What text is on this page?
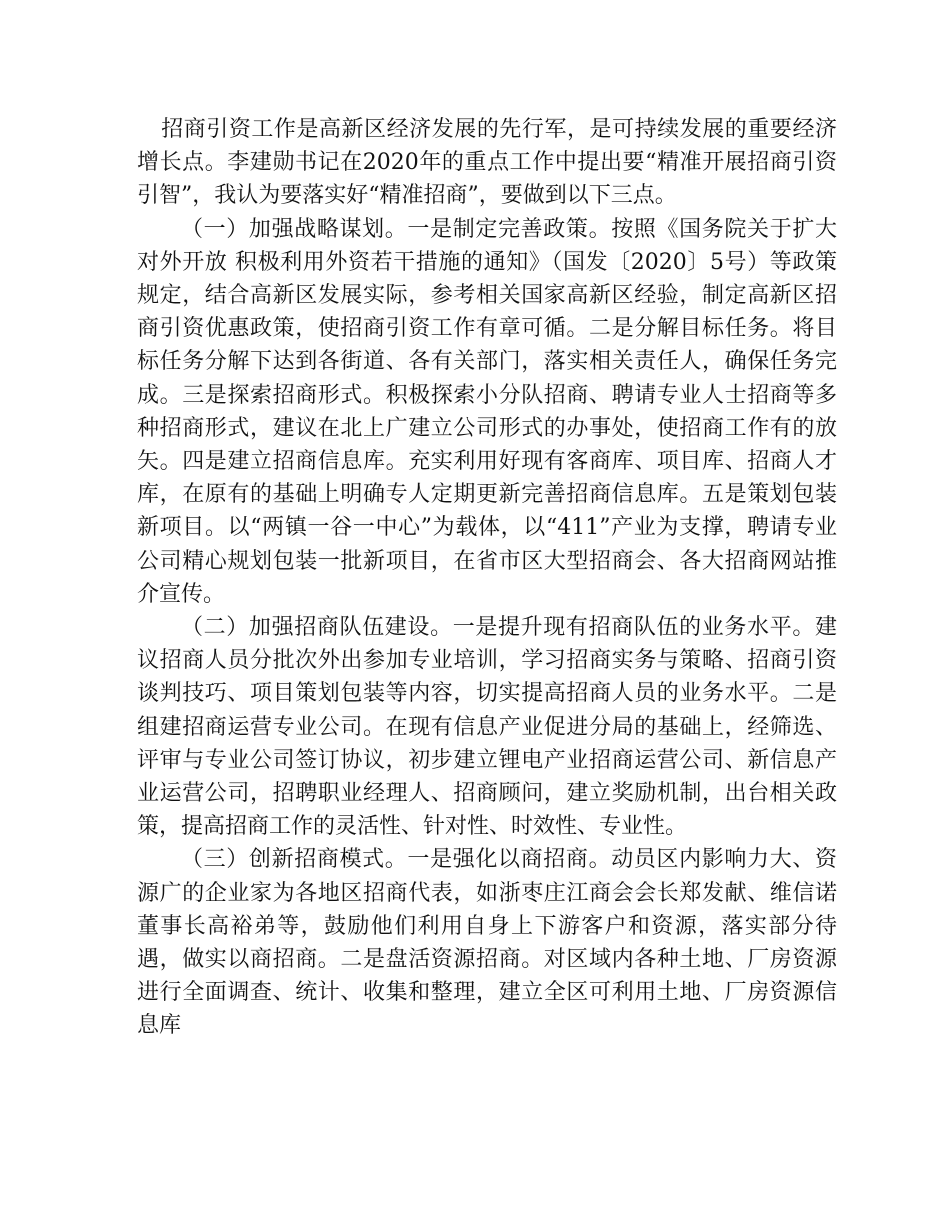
招商引资工作是高新区经济发展的先行军，是可持续发展的重要经济增长点。李建勋书记在2020年的重点工作中提出要“精准开展招商引资引智”，我认为要落实好“精准招商”，要做到以下三点。

（一）加强战略谋划。一是制定完善政策。按照《国务院关于扩大对外开放 积极利用外资若干措施的通知》（国发〔2020〕5号）等政策规定，结合高新区发展实际，参考相关国家高新区经验，制定高新区招商引资优惠政策，使招商引资工作有章可循。二是分解目标任务。将目标任务分解下达到各街道、各有关部门，落实相关责任人，确保任务完成。三是探索招商形式。积极探索小分队招商、聘请专业人士招商等多种招商形式，建议在北上广建立公司形式的办事处，使招商工作有的放矢。四是建立招商信息库。充实利用好现有客商库、项目库、招商人才库，在原有的基础上明确专人定期更新完善招商信息库。五是策划包装新项目。以“两镇一谷一中心”为载体，以“411”产业为支撑，聘请专业公司精心规划包装一批新项目，在省市区大型招商会、各大招商网站推介宣传。

（二）加强招商队伍建设。一是提升现有招商队伍的业务水平。建议招商人员分批次外出参加专业培训，学习招商实务与策略、招商引资谈判技巧、项目策划包装等内容，切实提高招商人员的业务水平。二是组建招商运营专业公司。在现有信息产业促进分局的基础上，经筛选、评审与专业公司签订协议，初步建立锂电产业招商运营公司、新信息产业运营公司，招聘职业经理人、招商顾问，建立奖励机制，出台相关政策，提高招商工作的灵活性、针对性、时效性、专业性。

（三）创新招商模式。一是强化以商招商。动员区内影响力大、资源广的企业家为各地区招商代表，如浙枣庄江商会会长郑发献、维信诺董事长高裕弟等，鼓励他们利用自身上下游客户和资源，落实部分待遇，做实以商招商。二是盘活资源招商。对区域内各种土地、厂房资源进行全面调查、统计、收集和整理，建立全区可利用土地、厂房资源信息库
